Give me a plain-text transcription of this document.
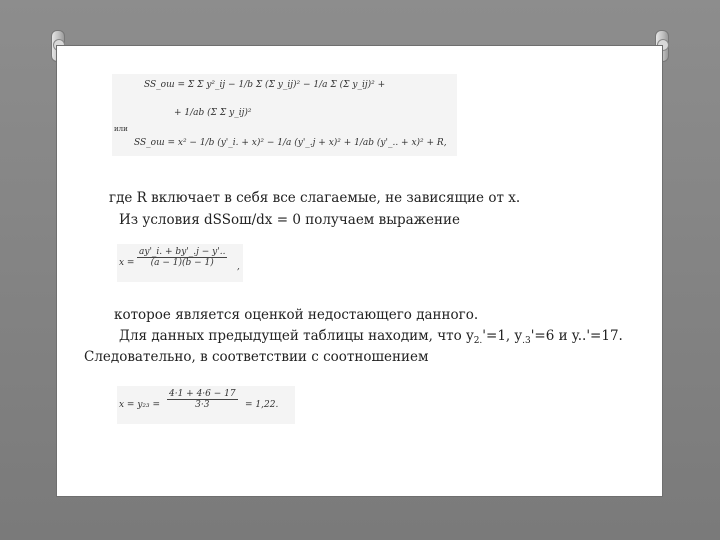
SS_ош = Σ Σ y²_ij − 1/b Σ (Σ y_ij)² − 1/a Σ (Σ y_ij)² +
+ 1/ab (Σ Σ y_ij)²
или
SS_ош = x² − 1/b (y'_i. + x)² − 1/a (y'_.j + x)² + 1/ab (y'_.. + x)² + R,
где R включает в себя все слагаемые, не зависящие от x.
Из условия dSSош/dx = 0 получаем выражение
$x = \frac{ay'\_i. + by'\_.j - y'..}{(a - 1)(b - 1)}$ ,
которое является оценкой недостающего данного.
Для данных предыдущей таблицы находим, что $y_{2.}'=1$, $y_{.3}'=6$ и y..'=17.
Следовательно, в соответствии с соотношением
$x = y_{23} = \frac{4\cdot 1 + 4\cdot 6 - 17}{3\cdot 3} = 1,22$.
